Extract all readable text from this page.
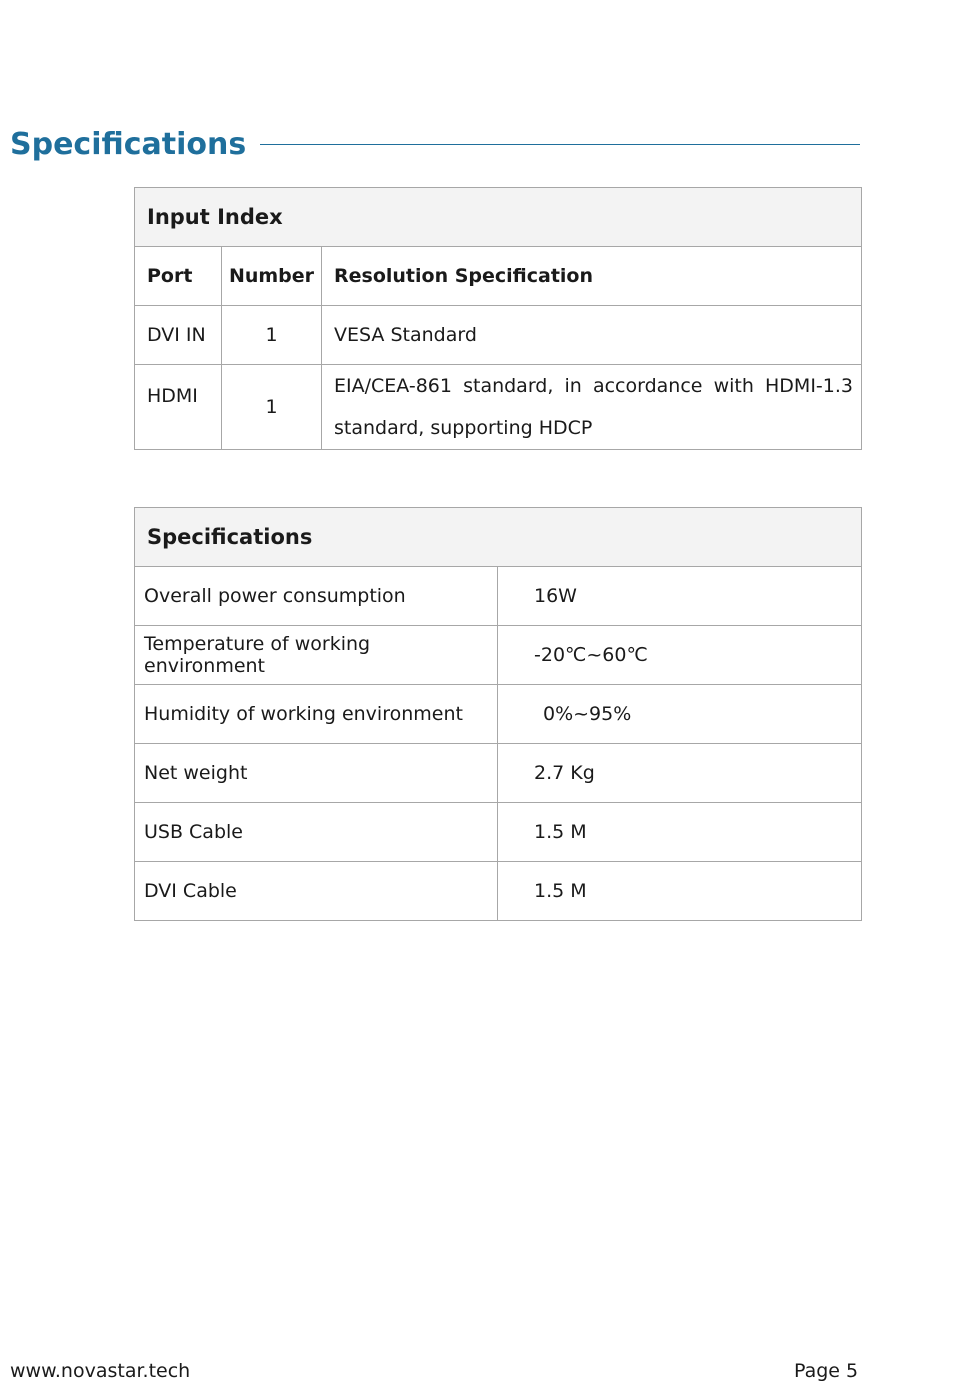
Specifications
Input Index		
Port	Number	Resolution Specification
DVI IN	1	VESA Standard
HDMI	1	EIA/CEA-861 standard, in accordance with HDMI-1.3 standard, supporting HDCP
Specifications	
Overall power consumption	16W
Temperature of working environment	-20℃~60℃
Humidity of working environment	0%~95%
Net weight	2.7 Kg
USB Cable	1.5 M
DVI Cable	1.5 M
www.novastar.tech	Page 5
